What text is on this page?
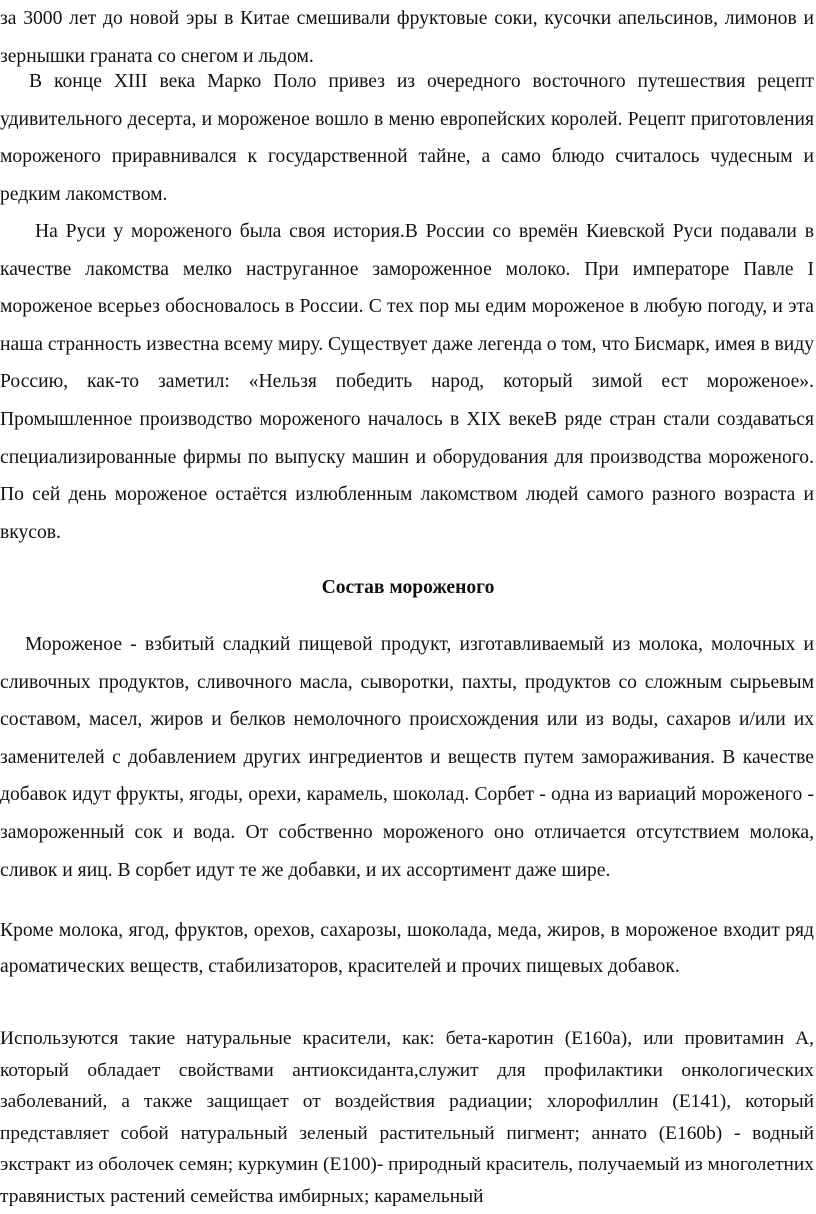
за 3000 лет до новой эры в Китае смешивали фруктовые соки, кусочки апельсинов, лимонов и зернышки граната со снегом и льдом.

В конце XIII века Марко Поло привез из очередного восточного путешествия рецепт удивительного десерта, и мороженое вошло в меню европейских королей. Рецепт приготовления мороженого приравнивался к государственной тайне, а само блюдо считалось чудесным и редким лакомством.

На Руси у мороженого была своя история.В России со времён Киевской Руси подавали в качестве лакомства мелко наструганное замороженное молоко. При императоре Павле I мороженое всерьез обосновалось в России. С тех пор мы едим мороженое в любую погоду, и эта наша странность известна всему миру. Существует даже легенда о том, что Бисмарк, имея в виду Россию, как-то заметил: «Нельзя победить народ, который зимой ест мороженое». Промышленное производство мороженого началось в XIX векеВ ряде стран стали создаваться специализированные фирмы по выпуску машин и оборудования для производства мороженого. По сей день мороженое остаётся излюбленным лакомством людей самого разного возраста и вкусов.

Состав мороженого

Мороженое - взбитый сладкий пищевой продукт, изготавливаемый из молока, молочных и сливочных продуктов, сливочного масла, сыворотки, пахты, продуктов со сложным сырьевым составом, масел, жиров и белков немолочного происхождения или из воды, сахаров и/или их заменителей с добавлением других ингредиентов и веществ путем замораживания. В качестве добавок идут фрукты, ягоды, орехи, карамель, шоколад. Сорбет - одна из вариаций мороженого - замороженный сок и вода. От собственно мороженого оно отличается отсутствием молока, сливок и яиц. В сорбет идут те же добавки, и их ассортимент даже шире.

Кроме молока, ягод, фруктов, орехов, сахарозы, шоколада, меда, жиров, в мороженое входит ряд ароматических веществ, стабилизаторов, красителей и прочих пищевых добавок.

Используются такие натуральные красители, как: бета-каротин (Е160а), или провитамин А, который обладает свойствами антиоксиданта,служит для профилактики онкологических заболеваний, а также защищает от воздействия радиации; хлорофиллин (Е141), который представляет собой натуральный зеленый растительный пигмент; аннато (Е160b) - водный экстракт из оболочек семян; куркумин (Е100)- природный краситель, получаемый из многолетних травянистых растений семейства имбирных; карамельный
